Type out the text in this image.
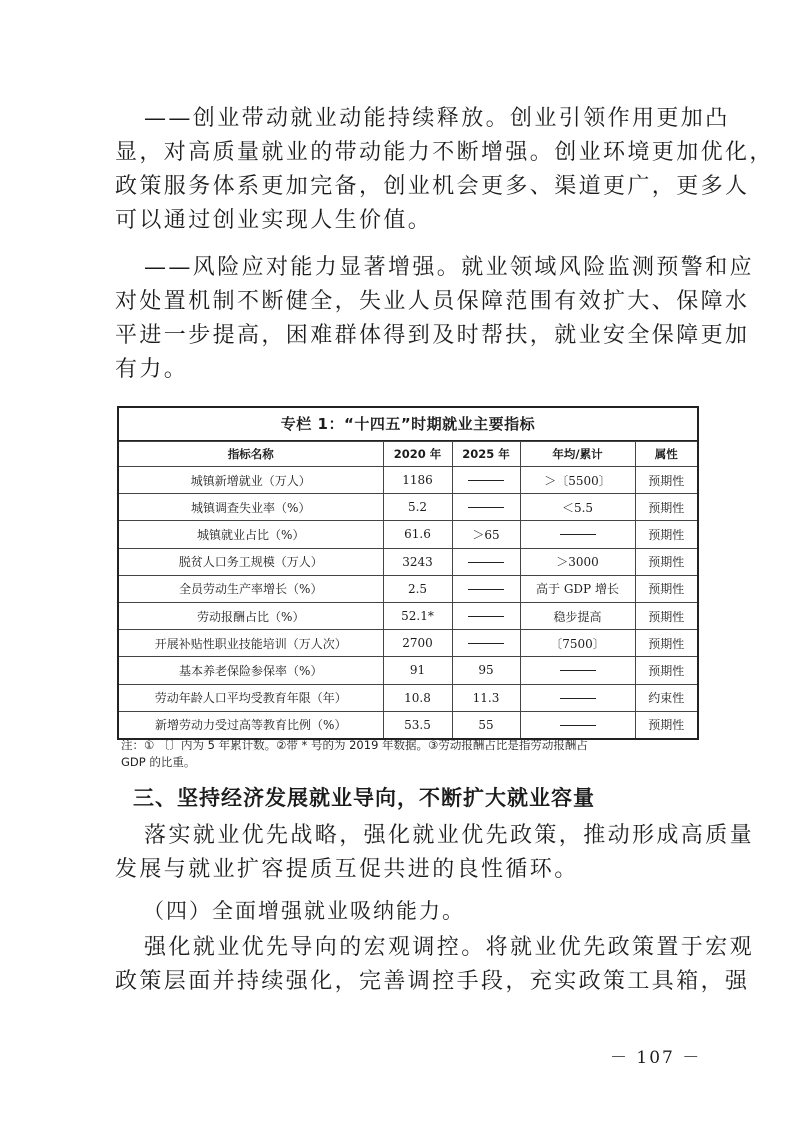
——创业带动就业动能持续释放。创业引领作用更加凸
显，对高质量就业的带动能力不断增强。创业环境更加优化，
政策服务体系更加完备，创业机会更多、渠道更广，更多人
可以通过创业实现人生价值。
——风险应对能力显著增强。就业领域风险监测预警和应
对处置机制不断健全，失业人员保障范围有效扩大、保障水
平进一步提高，困难群体得到及时帮扶，就业安全保障更加
有力。
专栏 1：“十四五”时期就业主要指标
指标名称	2020 年	2025 年	年均/累计	属性
城镇新增就业（万人）	1186		＞〔5500〕	预期性
城镇调查失业率（%）	5.2		＜5.5	预期性
城镇就业占比（%）	61.6	＞65		预期性
脱贫人口务工规模（万人）	3243		＞3000	预期性
全员劳动生产率增长（%）	2.5		高于 GDP 增长	预期性
劳动报酬占比（%）	52.1*		稳步提高	预期性
开展补贴性职业技能培训（万人次）	2700		〔7500〕	预期性
基本养老保险参保率（%）	91	95		预期性
劳动年龄人口平均受教育年限（年）	10.8	11.3		约束性
新增劳动力受过高等教育比例（%）	53.5	55		预期性
注：① 〔〕内为 5 年累计数。②带 * 号的为 2019 年数据。③劳动报酬占比是指劳动报酬占
GDP 的比重。
三、坚持经济发展就业导向，不断扩大就业容量
落实就业优先战略，强化就业优先政策，推动形成高质量
发展与就业扩容提质互促共进的良性循环。
（四）全面增强就业吸纳能力。
强化就业优先导向的宏观调控。将就业优先政策置于宏观
政策层面并持续强化，完善调控手段，充实政策工具箱，强
－ 107 －
